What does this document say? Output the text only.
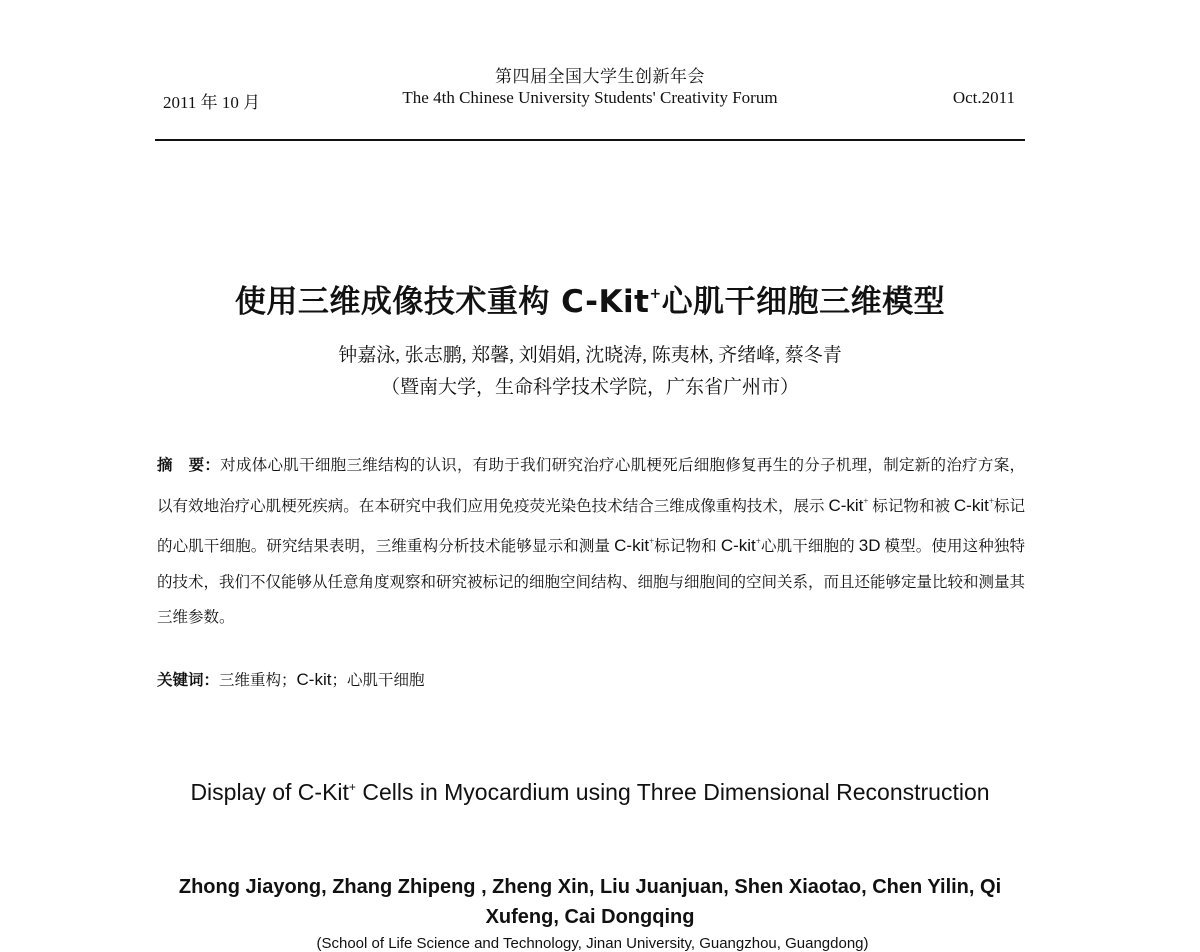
第四届全国大学生创新年会
2011 年 10 月	The 4th Chinese University Students' Creativity Forum	Oct.2011
使用三维成像技术重构 C-Kit+心肌干细胞三维模型
钟嘉泳, 张志鹏, 郑馨, 刘娟娟, 沈晓涛, 陈夷林, 齐绪峰, 蔡冬青
（暨南大学，生命科学技术学院，广东省广州市）
摘　要：对成体心肌干细胞三维结构的认识，有助于我们研究治疗心肌梗死后细胞修复再生的分子机理，制定新的治疗方案，以有效地治疗心肌梗死疾病。在本研究中我们应用免疫荧光染色技术结合三维成像重构技术，展示 C-kit+ 标记物和被 C-kit+标记的心肌干细胞。研究结果表明，三维重构分析技术能够显示和测量 C-kit+标记物和 C-kit+心肌干细胞的 3D 模型。使用这种独特的技术，我们不仅能够从任意角度观察和研究被标记的细胞空间结构、细胞与细胞间的空间关系，而且还能够定量比较和测量其三维参数。
关键词：三维重构；C-kit；心肌干细胞
Display of C-Kit+ Cells in Myocardium using Three Dimensional Reconstruction
Zhong Jiayong, Zhang Zhipeng , Zheng Xin, Liu Juanjuan, Shen Xiaotao, Chen Yilin, Qi Xufeng, Cai Dongqing
(School of Life Science and Technology, Jinan University, Guangzhou, Guangdong)
